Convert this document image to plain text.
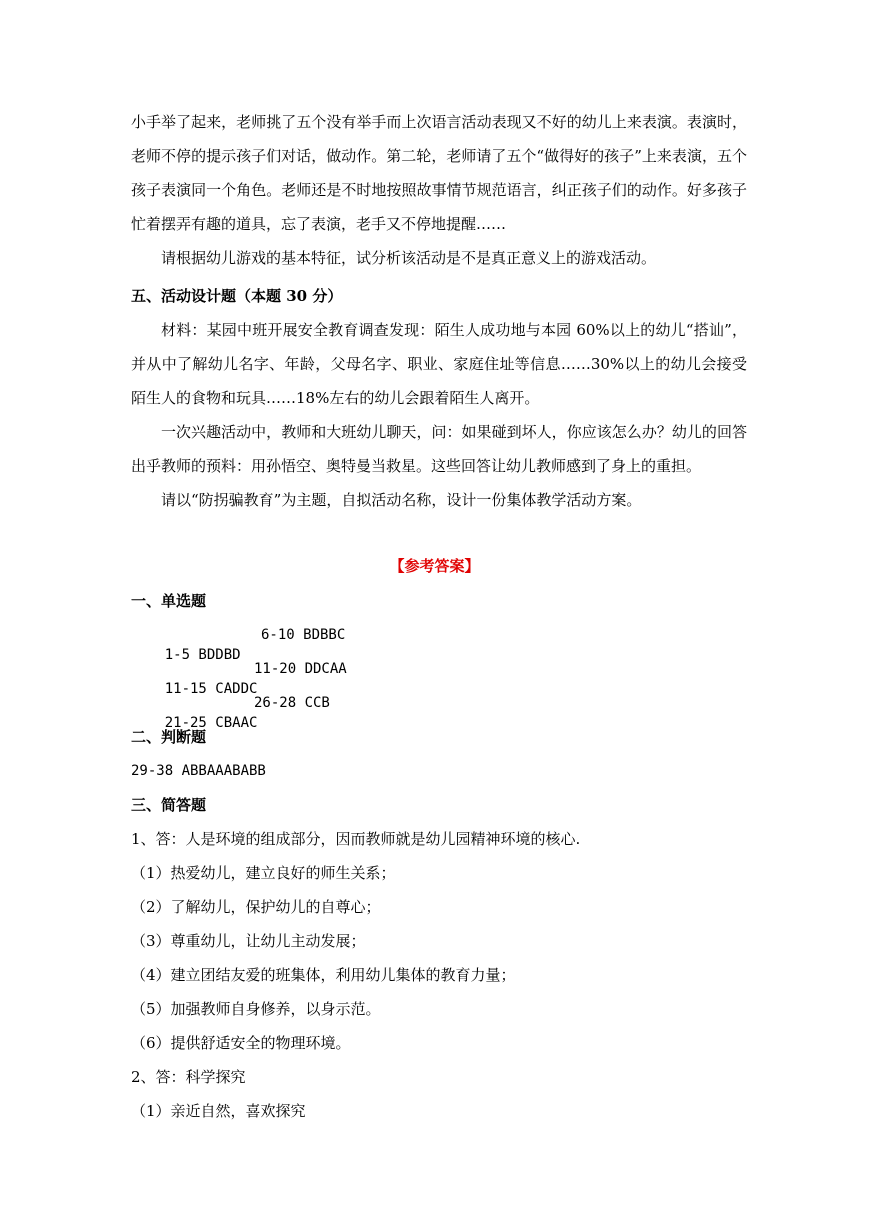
小手举了起来，老师挑了五个没有举手而上次语言活动表现又不好的幼儿上来表演。表演时，老师不停的提示孩子们对话，做动作。第二轮，老师请了五个“做得好的孩子”上来表演，五个孩子表演同一个角色。老师还是不时地按照故事情节规范语言，纠正孩子们的动作。好多孩子忙着摆弄有趣的道具，忘了表演，老手又不停地提醒……

请根据幼儿游戏的基本特征，试分析该活动是不是真正意义上的游戏活动。

五、活动设计题（本题 30 分）

材料：某园中班开展安全教育调查发现：陌生人成功地与本园 60%以上的幼儿“搭讪”，并从中了解幼儿名字、年龄，父母名字、职业、家庭住址等信息……30%以上的幼儿会接受陌生人的食物和玩具……18%左右的幼儿会跟着陌生人离开。

一次兴趣活动中，教师和大班幼儿聊天，问：如果碰到坏人，你应该怎么办？幼儿的回答出乎教师的预料：用孙悟空、奥特曼当救星。这些回答让幼儿教师感到了身上的重担。

请以“防拐骗教育”为主题，自拟活动名称，设计一份集体教学活动方案。

【参考答案】
一、单选题

1-5 BDDBD

6-10 BDBBC

11-15 CADDC

11-20 DDCAA

21-25 CBAAC

26-28 CCB
二、判断题
29-38 ABBAAABABB
三、简答题
1、答：人是环境的组成部分，因而教师就是幼儿园精神环境的核心.
（1）热爱幼儿，建立良好的师生关系；
（2）了解幼儿，保护幼儿的自尊心；
（3）尊重幼儿，让幼儿主动发展；
（4）建立团结友爱的班集体，利用幼儿集体的教育力量；
（5）加强教师自身修养，以身示范。
（6）提供舒适安全的物理环境。
2、答：科学探究
（1）亲近自然，喜欢探究
